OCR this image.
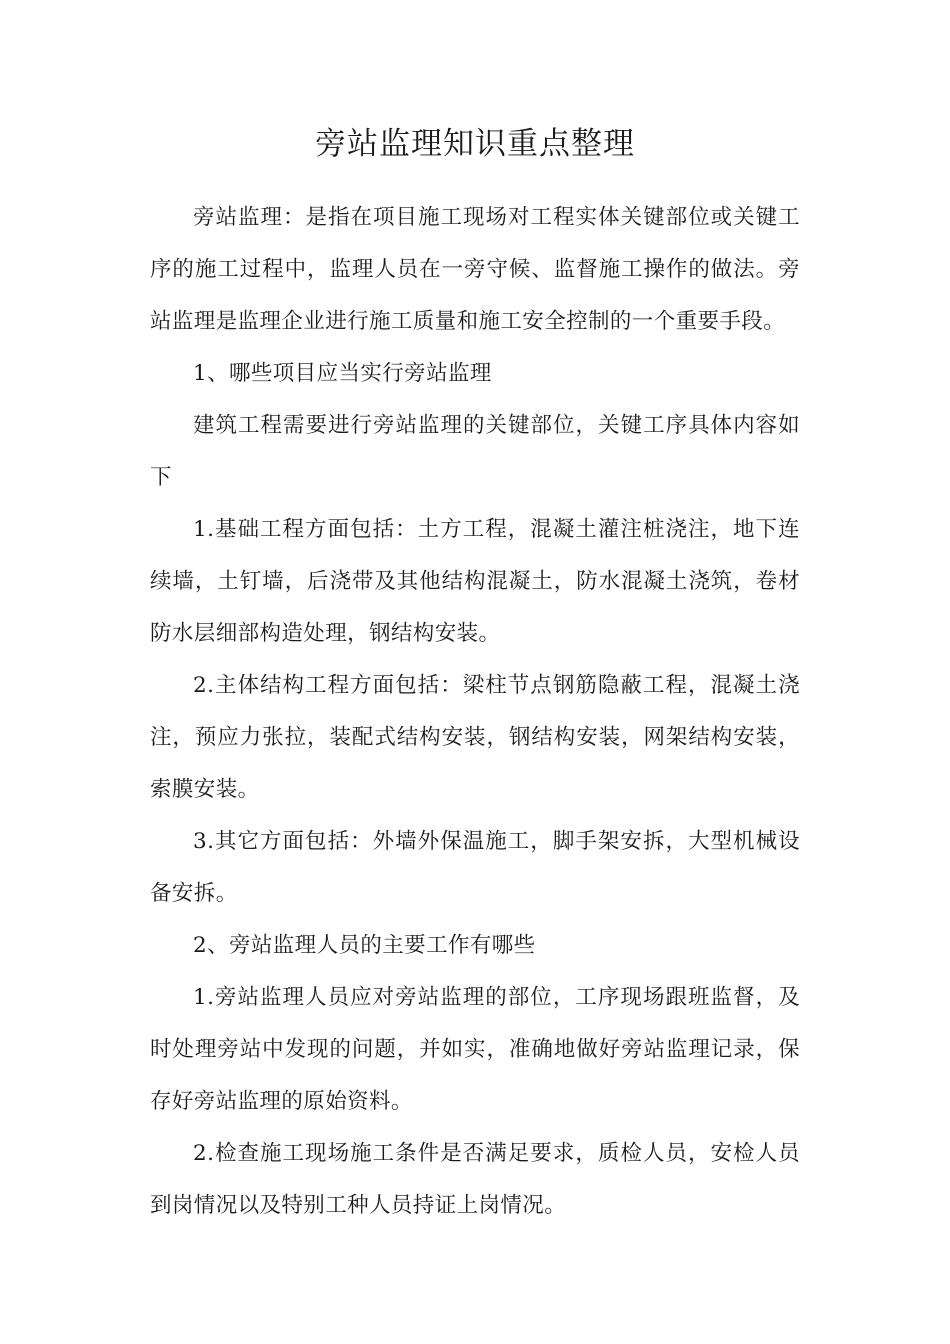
旁站监理知识重点整理

旁站监理：是指在项目施工现场对工程实体关键部位或关键工序的施工过程中，监理人员在一旁守候、监督施工操作的做法。旁站监理是监理企业进行施工质量和施工安全控制的一个重要手段。

1、哪些项目应当实行旁站监理

建筑工程需要进行旁站监理的关键部位，关键工序具体内容如下

1.基础工程方面包括：土方工程，混凝土灌注桩浇注，地下连续墙，土钉墙，后浇带及其他结构混凝土，防水混凝土浇筑，卷材防水层细部构造处理，钢结构安装。

2.主体结构工程方面包括：梁柱节点钢筋隐蔽工程，混凝土浇注，预应力张拉，装配式结构安装，钢结构安装，网架结构安装，索膜安装。

3.其它方面包括：外墙外保温施工，脚手架安拆，大型机械设备安拆。

2、旁站监理人员的主要工作有哪些

1.旁站监理人员应对旁站监理的部位，工序现场跟班监督，及时处理旁站中发现的问题，并如实，准确地做好旁站监理记录，保存好旁站监理的原始资料。

2.检查施工现场施工条件是否满足要求，质检人员，安检人员到岗情况以及特别工种人员持证上岗情况。
